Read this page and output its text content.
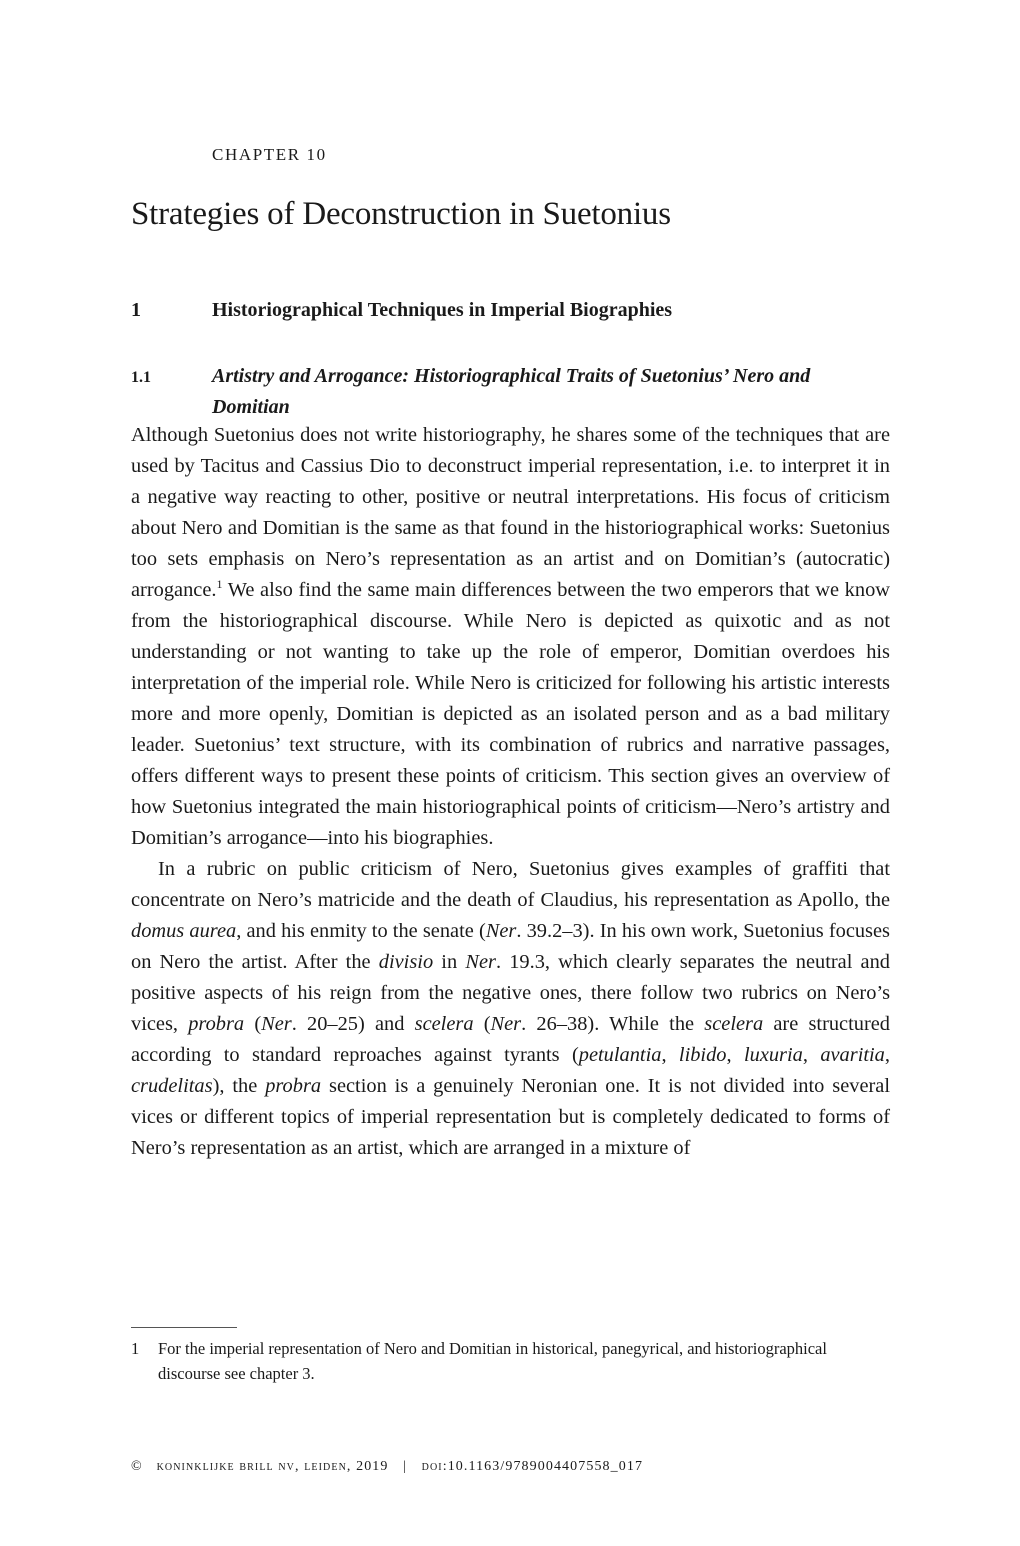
CHAPTER 10
Strategies of Deconstruction in Suetonius
1	Historiographical Techniques in Imperial Biographies
1.1	Artistry and Arrogance: Historiographical Traits of Suetonius’ Nero and Domitian

Although Suetonius does not write historiography, he shares some of the techniques that are used by Tacitus and Cassius Dio to deconstruct imperial representation, i.e. to interpret it in a negative way reacting to other, positive or neutral interpretations. His focus of criticism about Nero and Domitian is the same as that found in the historiographical works: Suetonius too sets emphasis on Nero’s representation as an artist and on Domitian’s (autocratic) arrogance.$^1$ We also find the same main differences between the two emperors that we know from the historiographical discourse. While Nero is depicted as quixotic and as not understanding or not wanting to take up the role of emperor, Domitian overdoes his interpretation of the imperial role. While Nero is criticized for following his artistic interests more and more openly, Domitian is depicted as an isolated person and as a bad military leader. Suetonius’ text structure, with its combination of rubrics and narrative passages, offers different ways to present these points of criticism. This section gives an overview of how Suetonius integrated the main historiographical points of criticism—Nero’s artistry and Domitian’s arrogance—into his biographies.

In a rubric on public criticism of Nero, Suetonius gives examples of graffiti that concentrate on Nero’s matricide and the death of Claudius, his representation as Apollo, the domus aurea, and his enmity to the senate (Ner. 39.2–3). In his own work, Suetonius focuses on Nero the artist. After the divisio in Ner. 19.3, which clearly separates the neutral and positive aspects of his reign from the negative ones, there follow two rubrics on Nero’s vices, probra (Ner. 20–25) and scelera (Ner. 26–38). While the scelera are structured according to standard reproaches against tyrants (petulantia, libido, luxuria, avaritia, crudelitas), the probra section is a genuinely Neronian one. It is not divided into several vices or different topics of imperial representation but is completely dedicated to forms of Nero’s representation as an artist, which are arranged in a mixture of

1 For the imperial representation of Nero and Domitian in historical, panegyrical, and historiographical discourse see chapter 3.
© koninklijke brill nv, leiden, 2019 | doi:10.1163/9789004407558_017
